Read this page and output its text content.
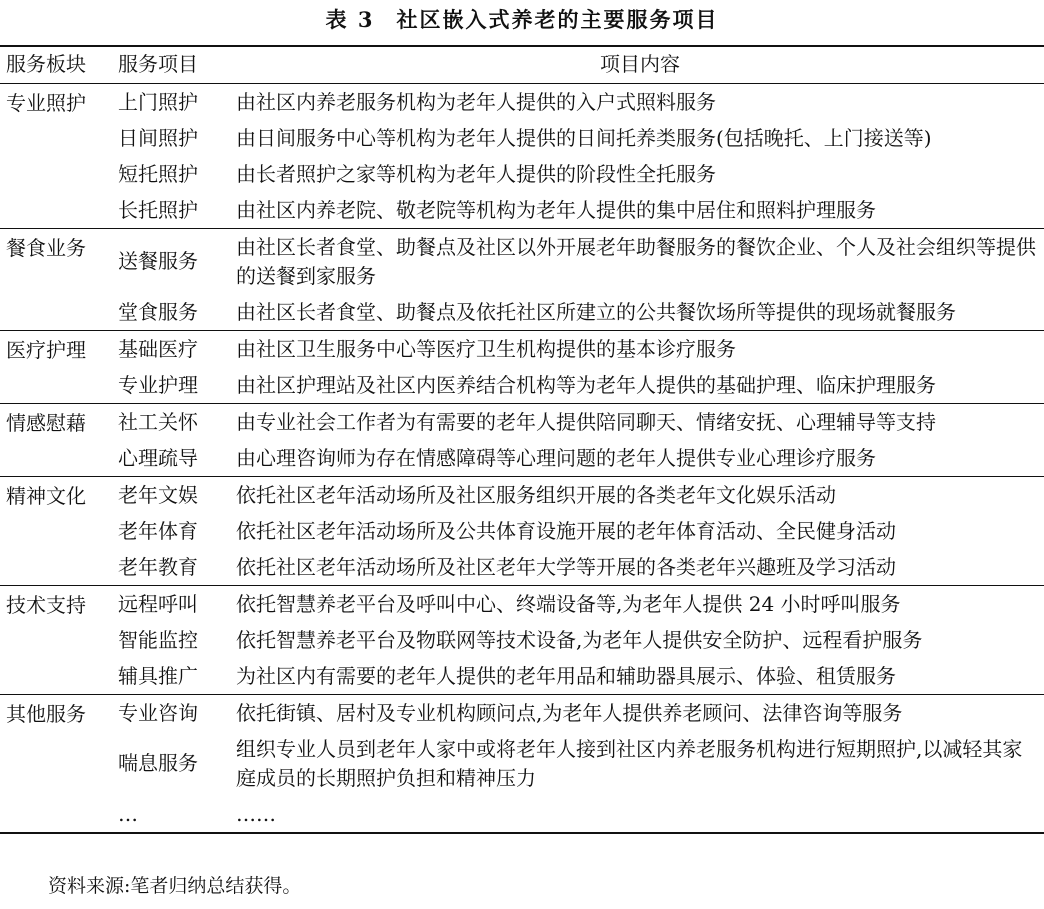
表 3 社区嵌入式养老的主要服务项目
服务板块	服务项目	项目内容
专业照护	上门照护	由社区内养老服务机构为老年人提供的入户式照料服务
	日间照护	由日间服务中心等机构为老年人提供的日间托养类服务(包括晚托、上门接送等)
	短托照护	由长者照护之家等机构为老年人提供的阶段性全托服务
	长托照护	由社区内养老院、敬老院等机构为老年人提供的集中居住和照料护理服务
餐食业务	送餐服务	由社区长者食堂、助餐点及社区以外开展老年助餐服务的餐饮企业、个人及社会组织等提供的送餐到家服务
	堂食服务	由社区长者食堂、助餐点及依托社区所建立的公共餐饮场所等提供的现场就餐服务
医疗护理	基础医疗	由社区卫生服务中心等医疗卫生机构提供的基本诊疗服务
	专业护理	由社区护理站及社区内医养结合机构等为老年人提供的基础护理、临床护理服务
情感慰藉	社工关怀	由专业社会工作者为有需要的老年人提供陪同聊天、情绪安抚、心理辅导等支持
	心理疏导	由心理咨询师为存在情感障碍等心理问题的老年人提供专业心理诊疗服务
精神文化	老年文娱	依托社区老年活动场所及社区服务组织开展的各类老年文化娱乐活动
	老年体育	依托社区老年活动场所及公共体育设施开展的老年体育活动、全民健身活动
	老年教育	依托社区老年活动场所及社区老年大学等开展的各类老年兴趣班及学习活动
技术支持	远程呼叫	依托智慧养老平台及呼叫中心、终端设备等,为老年人提供 24 小时呼叫服务
	智能监控	依托智慧养老平台及物联网等技术设备,为老年人提供安全防护、远程看护服务
	辅具推广	为社区内有需要的老年人提供的老年用品和辅助器具展示、体验、租赁服务
其他服务	专业咨询	依托街镇、居村及专业机构顾问点,为老年人提供养老顾问、法律咨询等服务
	喘息服务	组织专业人员到老年人家中或将老年人接到社区内养老服务机构进行短期照护,以减轻其家庭成员的长期照护负担和精神压力
	…	……
资料来源:笔者归纳总结获得。
